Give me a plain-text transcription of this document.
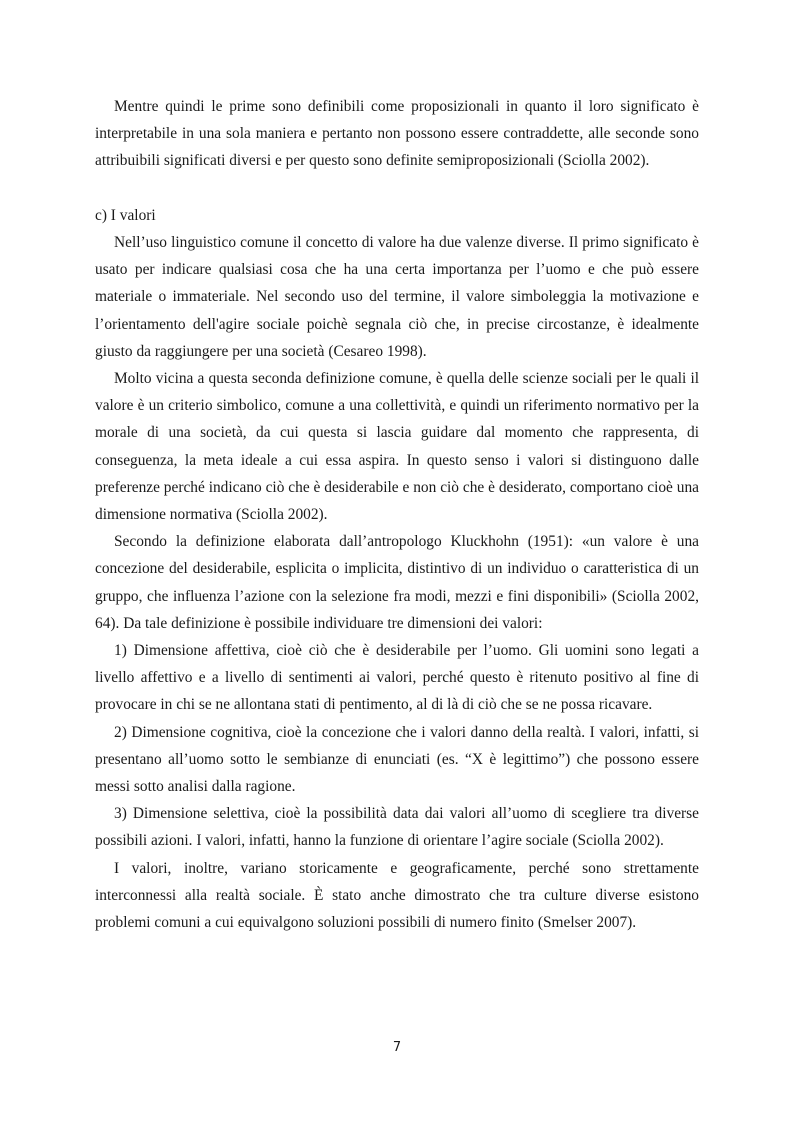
Mentre quindi le prime sono definibili come proposizionali in quanto il loro significato è interpretabile in una sola maniera e pertanto non possono essere contraddette, alle seconde sono attribuibili significati diversi e per questo sono definite semiproposizionali (Sciolla 2002).

c) I valori

Nell’uso linguistico comune il concetto di valore ha due valenze diverse. Il primo significato è usato per indicare qualsiasi cosa che ha una certa importanza per l’uomo e che può essere materiale o immateriale. Nel secondo uso del termine, il valore simboleggia la motivazione e l’orientamento dell'agire sociale poichè segnala ciò che, in precise circostanze, è idealmente giusto da raggiungere per una società (Cesareo 1998).

Molto vicina a questa seconda definizione comune, è quella delle scienze sociali per le quali il valore è un criterio simbolico, comune a una collettività, e quindi un riferimento normativo per la morale di una società, da cui questa si lascia guidare dal momento che rappresenta, di conseguenza, la meta ideale a cui essa aspira. In questo senso i valori si distinguono dalle preferenze perché indicano ciò che è desiderabile e non ciò che è desiderato, comportano cioè una dimensione normativa (Sciolla 2002).

Secondo la definizione elaborata dall’antropologo Kluckhohn (1951): «un valore è una concezione del desiderabile, esplicita o implicita, distintivo di un individuo o caratteristica di un gruppo, che influenza l’azione con la selezione fra modi, mezzi e fini disponibili» (Sciolla 2002, 64). Da tale definizione è possibile individuare tre dimensioni dei valori:

1) Dimensione affettiva, cioè ciò che è desiderabile per l’uomo. Gli uomini sono legati a livello affettivo e a livello di sentimenti ai valori, perché questo è ritenuto positivo al fine di provocare in chi se ne allontana stati di pentimento, al di là di ciò che se ne possa ricavare.

2) Dimensione cognitiva, cioè la concezione che i valori danno della realtà. I valori, infatti, si presentano all’uomo sotto le sembianze di enunciati (es. “X è legittimo”) che possono essere messi sotto analisi dalla ragione.

3) Dimensione selettiva, cioè la possibilità data dai valori all’uomo di scegliere tra diverse possibili azioni. I valori, infatti, hanno la funzione di orientare l’agire sociale (Sciolla 2002).

I valori, inoltre, variano storicamente e geograficamente, perché sono strettamente interconnessi alla realtà sociale. È stato anche dimostrato che tra culture diverse esistono problemi comuni a cui equivalgono soluzioni possibili di numero finito (Smelser 2007).

7
